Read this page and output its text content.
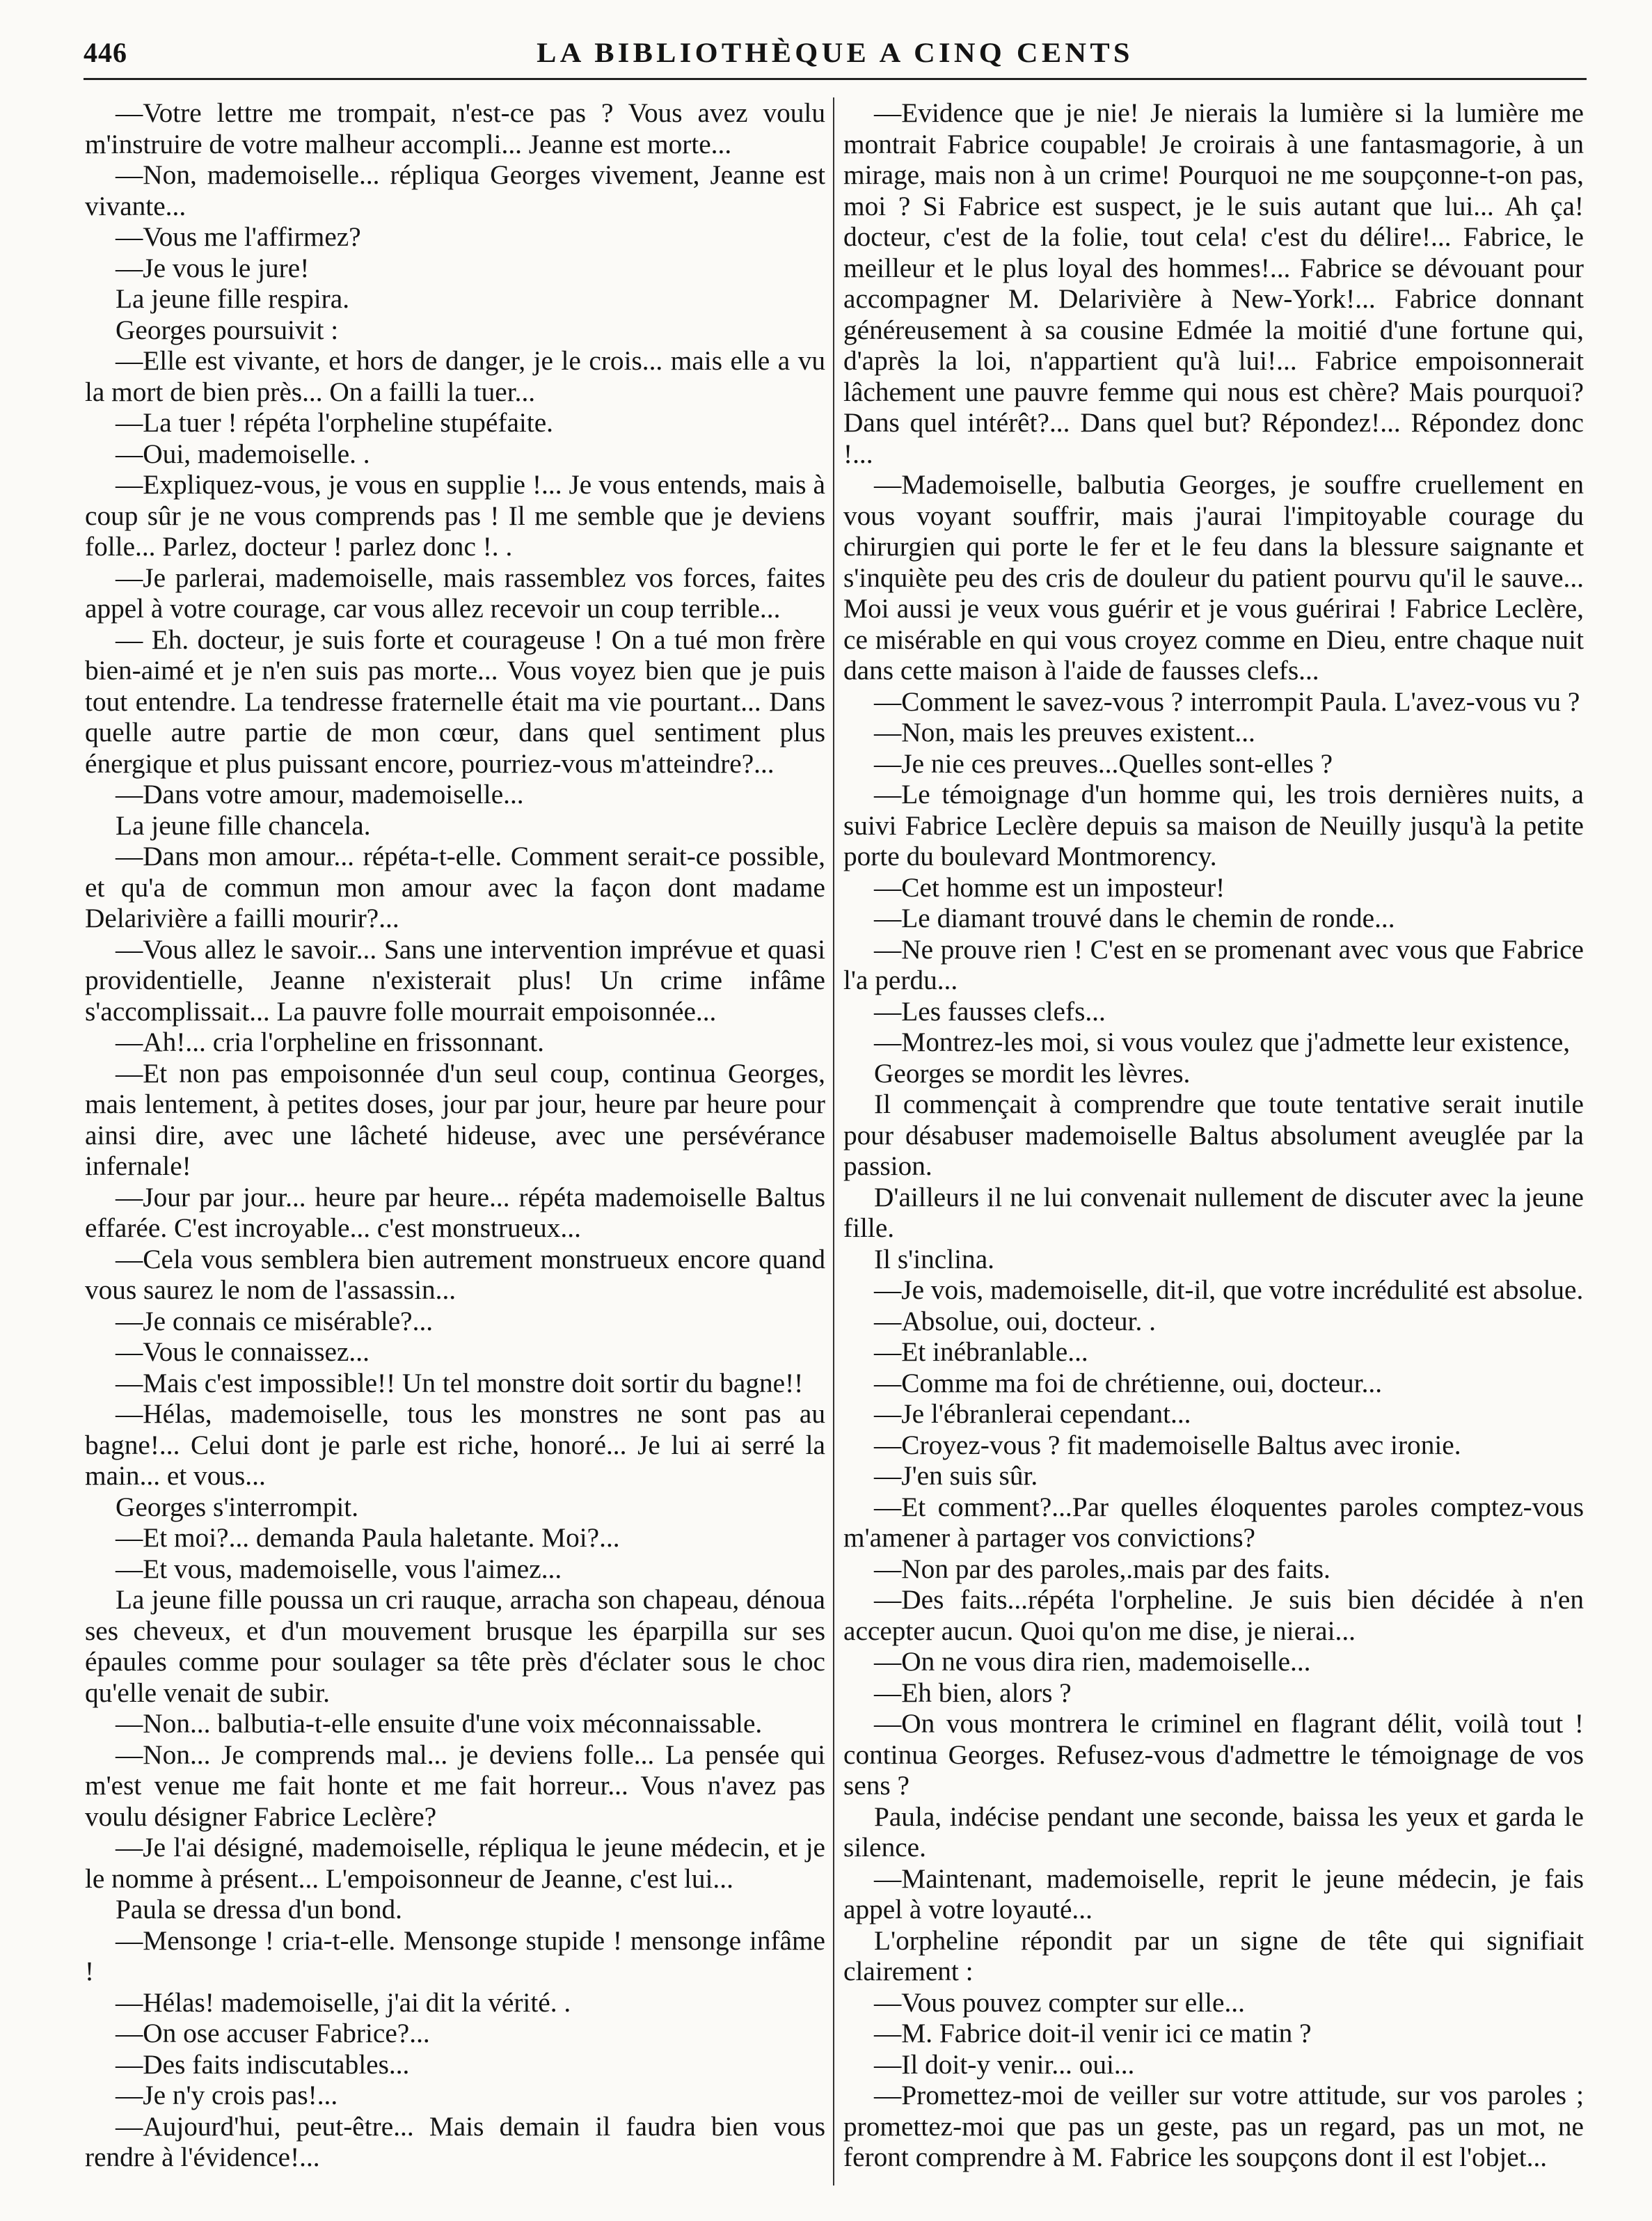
446	LA BIBLIOTHÈQUE A CINQ CENTS

—Votre lettre me trompait, n'est-ce pas ? Vous avez voulu m'instruire de votre malheur accompli... Jeanne est morte...

—Non, mademoiselle... répliqua Georges vivement, Jeanne est vivante...

—Vous me l'affirmez?

—Je vous le jure!

La jeune fille respira.

Georges poursuivit :

—Elle est vivante, et hors de danger, je le crois... mais elle a vu la mort de bien près... On a failli la tuer...

—La tuer ! répéta l'orpheline stupéfaite.

—Oui, mademoiselle. .

—Expliquez-vous, je vous en supplie !... Je vous entends, mais à coup sûr je ne vous comprends pas ! Il me semble que je deviens folle... Parlez, docteur ! parlez donc !. .

—Je parlerai, mademoiselle, mais rassemblez vos forces, faites appel à votre courage, car vous allez recevoir un coup terrible...

— Eh. docteur, je suis forte et courageuse ! On a tué mon frère bien-aimé et je n'en suis pas morte... Vous voyez bien que je puis tout entendre. La tendresse fraternelle était ma vie pourtant... Dans quelle autre partie de mon cœur, dans quel sentiment plus énergique et plus puissant encore, pourriez-vous m'atteindre?...

—Dans votre amour, mademoiselle...

La jeune fille chancela.

—Dans mon amour... répéta-t-elle. Comment serait-ce possible, et qu'a de commun mon amour avec la façon dont madame Delarivière a failli mourir?...

—Vous allez le savoir... Sans une intervention imprévue et quasi providentielle, Jeanne n'existerait plus! Un crime infâme s'accomplissait... La pauvre folle mourrait empoisonnée...

—Ah!... cria l'orpheline en frissonnant.

—Et non pas empoisonnée d'un seul coup, continua Georges, mais lentement, à petites doses, jour par jour, heure par heure pour ainsi dire, avec une lâcheté hideuse, avec une persévérance infernale!

—Jour par jour... heure par heure... répéta mademoiselle Baltus effarée. C'est incroyable... c'est monstrueux...

—Cela vous semblera bien autrement monstrueux encore quand vous saurez le nom de l'assassin...

—Je connais ce misérable?...

—Vous le connaissez...

—Mais c'est impossible!! Un tel monstre doit sortir du bagne!!

—Hélas, mademoiselle, tous les monstres ne sont pas au bagne!... Celui dont je parle est riche, honoré... Je lui ai serré la main... et vous...

Georges s'interrompit.

—Et moi?... demanda Paula haletante. Moi?...

—Et vous, mademoiselle, vous l'aimez...

La jeune fille poussa un cri rauque, arracha son chapeau, dénoua ses cheveux, et d'un mouvement brusque les éparpilla sur ses épaules comme pour soulager sa tête près d'éclater sous le choc qu'elle venait de subir.

—Non... balbutia-t-elle ensuite d'une voix méconnaissable.

—Non... Je comprends mal... je deviens folle... La pensée qui m'est venue me fait honte et me fait horreur... Vous n'avez pas voulu désigner Fabrice Leclère?

—Je l'ai désigné, mademoiselle, répliqua le jeune médecin, et je le nomme à présent... L'empoisonneur de Jeanne, c'est lui...

Paula se dressa d'un bond.

—Mensonge ! cria-t-elle. Mensonge stupide ! mensonge infâme !

—Hélas! mademoiselle, j'ai dit la vérité. .

—On ose accuser Fabrice?...

—Des faits indiscutables...

—Je n'y crois pas!...

—Aujourd'hui, peut-être... Mais demain il faudra bien vous rendre à l'évidence!...

—Evidence que je nie! Je nierais la lumière si la lumière me montrait Fabrice coupable! Je croirais à une fantasmagorie, à un mirage, mais non à un crime! Pourquoi ne me soupçonne-t-on pas, moi ? Si Fabrice est suspect, je le suis autant que lui... Ah ça! docteur, c'est de la folie, tout cela! c'est du délire!... Fabrice, le meilleur et le plus loyal des hommes!... Fabrice se dévouant pour accompagner M. Delarivière à New-York!... Fabrice donnant généreusement à sa cousine Edmée la moitié d'une fortune qui, d'après la loi, n'appartient qu'à lui!... Fabrice empoisonnerait lâchement une pauvre femme qui nous est chère? Mais pourquoi? Dans quel intérêt?... Dans quel but? Répondez!... Répondez donc !...

—Mademoiselle, balbutia Georges, je souffre cruellement en vous voyant souffrir, mais j'aurai l'impitoyable courage du chirurgien qui porte le fer et le feu dans la blessure saignante et s'inquiète peu des cris de douleur du patient pourvu qu'il le sauve... Moi aussi je veux vous guérir et je vous guérirai ! Fabrice Leclère, ce misérable en qui vous croyez comme en Dieu, entre chaque nuit dans cette maison à l'aide de fausses clefs...

—Comment le savez-vous ? interrompit Paula. L'avez-vous vu ?

—Non, mais les preuves existent...

—Je nie ces preuves...Quelles sont-elles ?

—Le témoignage d'un homme qui, les trois dernières nuits, a suivi Fabrice Leclère depuis sa maison de Neuilly jusqu'à la petite porte du boulevard Montmorency.

—Cet homme est un imposteur!

—Le diamant trouvé dans le chemin de ronde...

—Ne prouve rien ! C'est en se promenant avec vous que Fabrice l'a perdu...

—Les fausses clefs...

—Montrez-les moi, si vous voulez que j'admette leur existence,

Georges se mordit les lèvres.

Il commençait à comprendre que toute tentative serait inutile pour désabuser mademoiselle Baltus absolument aveuglée par la passion.

D'ailleurs il ne lui convenait nullement de discuter avec la jeune fille.

Il s'inclina.

—Je vois, mademoiselle, dit-il, que votre incrédulité est absolue.

—Absolue, oui, docteur. .

—Et inébranlable...

—Comme ma foi de chrétienne, oui, docteur...

—Je l'ébranlerai cependant...

—Croyez-vous ? fit mademoiselle Baltus avec ironie.

—J'en suis sûr.

—Et comment?...Par quelles éloquentes paroles comptez-vous m'amener à partager vos convictions?

—Non par des paroles,.mais par des faits.

—Des faits...répéta l'orpheline. Je suis bien décidée à n'en accepter aucun. Quoi qu'on me dise, je nierai...

—On ne vous dira rien, mademoiselle...

—Eh bien, alors ?

—On vous montrera le criminel en flagrant délit, voilà tout ! continua Georges. Refusez-vous d'admettre le témoignage de vos sens ?

Paula, indécise pendant une seconde, baissa les yeux et garda le silence.

—Maintenant, mademoiselle, reprit le jeune médecin, je fais appel à votre loyauté...

L'orpheline répondit par un signe de tête qui signifiait clairement :

—Vous pouvez compter sur elle...

—M. Fabrice doit-il venir ici ce matin ?

—Il doit-y venir... oui...

—Promettez-moi de veiller sur votre attitude, sur vos paroles ; promettez-moi que pas un geste, pas un regard, pas un mot, ne feront comprendre à M. Fabrice les soupçons dont il est l'objet...
